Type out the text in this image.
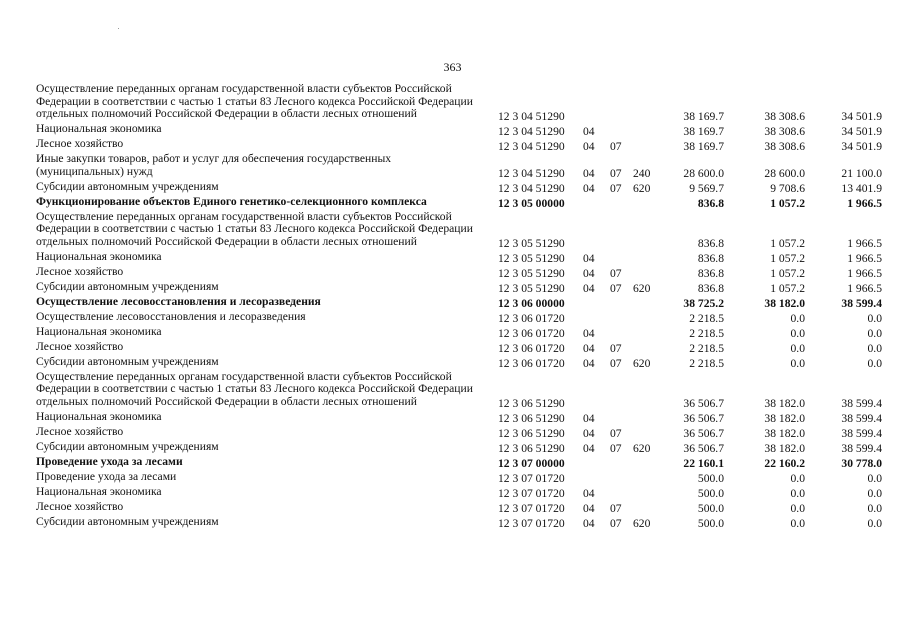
363
Осуществление переданных органам государственной власти субъектов Российской Федерации в соответствии с частью 1 статьи 83 Лесного кодекса Российской Федерации отдельных полномочий Российской Федерации в области лесных отношений	12 3 04 51290	38 169.7	38 308.6	34 501.9
Национальная экономика	12 3 04 51290 04	38 169.7	38 308.6	34 501.9
Лесное хозяйство	12 3 04 51290 04 07	38 169.7	38 308.6	34 501.9
Иные закупки товаров, работ и услуг для обеспечения государственных (муниципальных) нужд	12 3 04 51290 04 07 240	28 600.0	28 600.0	21 100.0
Субсидии автономным учреждениям	12 3 04 51290 04 07 620	9 569.7	9 708.6	13 401.9
Функционирование объектов Единого генетико-селекционного комплекса	12 3 05 00000	836.8	1 057.2	1 966.5
Осуществление переданных органам государственной власти субъектов Российской Федерации в соответствии с частью 1 статьи 83 Лесного кодекса Российской Федерации отдельных полномочий Российской Федерации в области лесных отношений	12 3 05 51290	836.8	1 057.2	1 966.5
Национальная экономика	12 3 05 51290 04	836.8	1 057.2	1 966.5
Лесное хозяйство	12 3 05 51290 04 07	836.8	1 057.2	1 966.5
Субсидии автономным учреждениям	12 3 05 51290 04 07 620	836.8	1 057.2	1 966.5
Осуществление лесовосстановления и лесоразведения	12 3 06 00000	38 725.2	38 182.0	38 599.4
Осуществление лесовосстановления и лесоразведения	12 3 06 01720	2 218.5	0.0	0.0
Национальная экономика	12 3 06 01720 04	2 218.5	0.0	0.0
Лесное хозяйство	12 3 06 01720 04 07	2 218.5	0.0	0.0
Субсидии автономным учреждениям	12 3 06 01720 04 07 620	2 218.5	0.0	0.0
Осуществление переданных органам государственной власти субъектов Российской Федерации в соответствии с частью 1 статьи 83 Лесного кодекса Российской Федерации отдельных полномочий Российской Федерации в области лесных отношений	12 3 06 51290	36 506.7	38 182.0	38 599.4
Национальная экономика	12 3 06 51290 04	36 506.7	38 182.0	38 599.4
Лесное хозяйство	12 3 06 51290 04 07	36 506.7	38 182.0	38 599.4
Субсидии автономным учреждениям	12 3 06 51290 04 07 620	36 506.7	38 182.0	38 599.4
Проведение ухода за лесами	12 3 07 00000	22 160.1	22 160.2	30 778.0
Проведение ухода за лесами	12 3 07 01720	500.0	0.0	0.0
Национальная экономика	12 3 07 01720 04	500.0	0.0	0.0
Лесное хозяйство	12 3 07 01720 04 07	500.0	0.0	0.0
Субсидии автономным учреждениям	12 3 07 01720 04 07 620	500.0	0.0	0.0
